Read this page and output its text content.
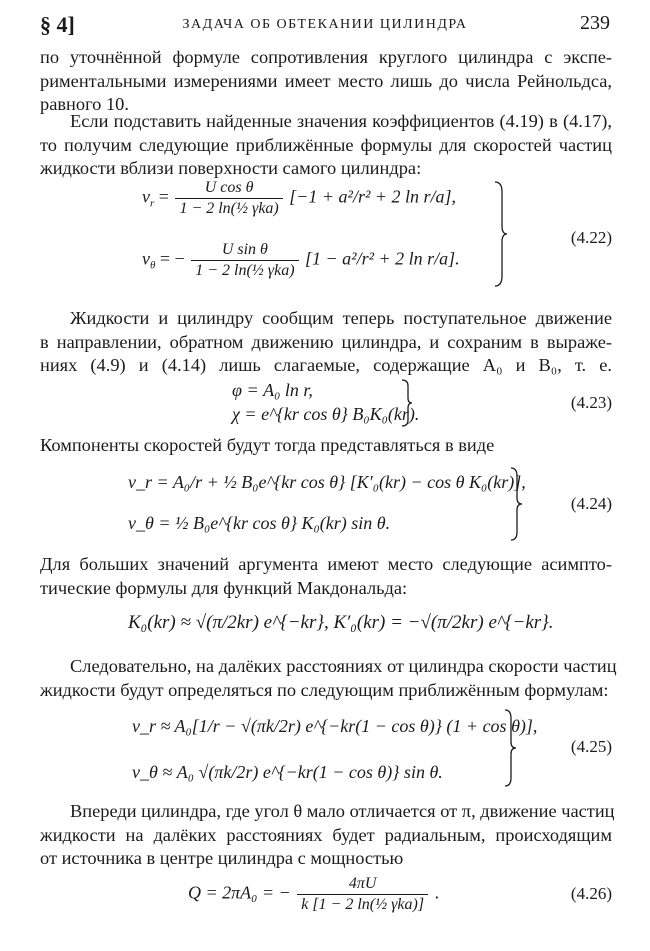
§ 4]	ЗАДАЧА ОБ ОБТЕКАНИИ ЦИЛИНДРА	239
по уточнённой формуле сопротивления круглого цилиндра с экспе-
риментальными измерениями имеет место лишь до числа Рейнольдса,
равного 10.
Если подставить найденные значения коэффициентов (4.19) в (4.17),
то получим следующие приближённые формулы для скоростей частиц
жидкости вблизи поверхности самого цилиндра:
$v_r = \frac{\text{U cos θ}}{\text{1 − 2 ln(½ γka)}} [-1 + a^2/r^2 + 2$ ln r/a],
$v_\theta$ = − $\frac{\text{U sin θ}}{\text{1 − 2 ln(½ γka)}} [1 - a^2/r^2 + 2$ ln r/a].
(4.22)
Жидкости и цилиндру сообщим теперь поступательное движение
в направлении, обратном движению цилиндра, и сохраним в выраже-
ниях (4.9) и (4.14) лишь слагаемые, содержащие A₀ и B₀, т. е.
φ = A₀ ln r,
χ = e^{kr cos θ} B₀K₀(kr).
(4.23)
Компоненты скоростей будут тогда представляться в виде
v_r = A₀/r + ½ B₀e^{kr cos θ} [K′₀(kr) − cos θ K₀(kr)],
v_θ = ½ B₀e^{kr cos θ} K₀(kr) sin θ.
(4.24)
Для больших значений аргумента имеют место следующие асимпто-
тические формулы для функций Макдональда:
K₀(kr) ≈ √(π/2kr) e^{−kr}, K′₀(kr) = −√(π/2kr) e^{−kr}.
Следовательно, на далёких расстояниях от цилиндра скорости частиц
жидкости будут определяться по следующим приближённым формулам:
v_r ≈ A₀[1/r − √(πk/2r) e^{−kr(1 − cos θ)} (1 + cos θ)],
v_θ ≈ A₀ √(πk/2r) e^{−kr(1 − cos θ)} sin θ.
(4.25)
Впереди цилиндра, где угол θ мало отличается от π, движение частиц
жидкости на далёких расстояниях будет радиальным, происходящим
от источника в центре цилиндра с мощностью
Q = 2πA₀ = − $\frac{4\pi U}{\text{k [1 − 2 ln(½ γka)]}}$ .	(4.26)
